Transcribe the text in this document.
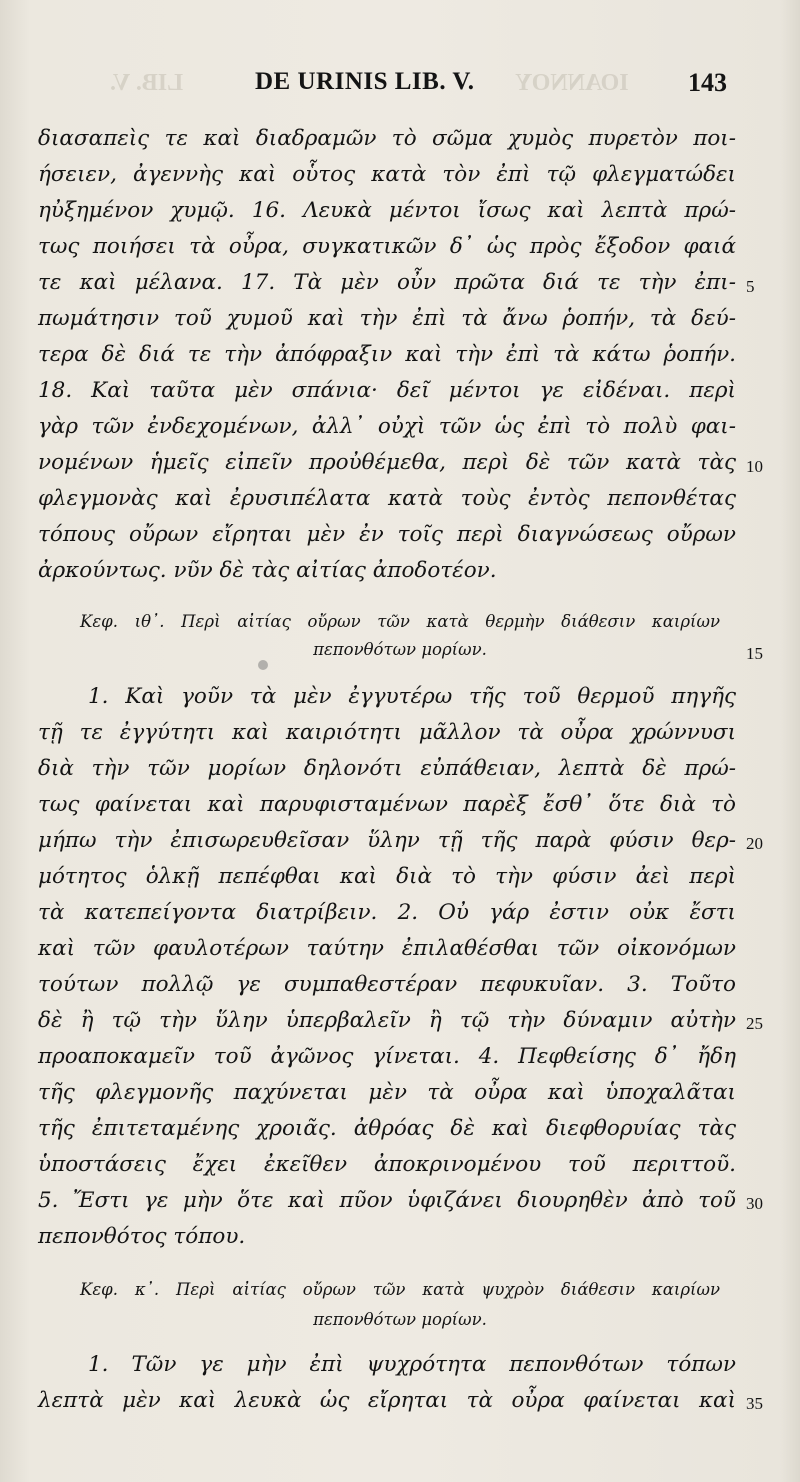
LIB. V.	ΙΟΑΝΝΟΥ
DE URINIS LIB. V.	143
διασαπεὶς τε καὶ διαδραμῶν τὸ σῶμα χυμὸς πυρετὸν ποι-
ήσειεν, ἀγεννὴς καὶ οὗτος κατὰ τὸν ἐπὶ τῷ φλεγματώδει
ηὐξημένον χυμῷ. 16. Λευκὰ μέντοι ἴσως καὶ λεπτὰ πρώ-
τως ποιήσει τὰ οὖρα, συγκατικῶν δ᾽ ὡς πρὸς ἔξοδον φαιά
τε καὶ μέλανα. 17. Τὰ μὲν οὖν πρῶτα διά τε τὴν ἐπι-
πωμάτησιν τοῦ χυμοῦ καὶ τὴν ἐπὶ τὰ ἄνω ῥοπήν, τὰ δεύ-
τερα δὲ διά τε τὴν ἀπόφραξιν καὶ τὴν ἐπὶ τὰ κάτω ῥοπήν.
18. Καὶ ταῦτα μὲν σπάνια· δεῖ μέντοι γε εἰδέναι. περὶ
γὰρ τῶν ἐνδεχομένων, ἀλλ᾽ οὐχὶ τῶν ὡς ἐπὶ τὸ πολὺ φαι-
νομένων ἡμεῖς εἰπεῖν προὐθέμεθα, περὶ δὲ τῶν κατὰ τὰς
φλεγμονὰς καὶ ἐρυσιπέλατα κατὰ τοὺς ἐντὸς πεπονθέτας
τόπους οὔρων εἴρηται μὲν ἐν τοῖς περὶ διαγνώσεως οὔρων
ἀρκούντως. νῦν δὲ τὰς αἰτίας ἀποδοτέον.
Κεφ. ιθ᾽. Περὶ αἰτίας οὔρων τῶν κατὰ θερμὴν διάθεσιν καιρίων
πεπονθότων μορίων.
1. Καὶ γοῦν τὰ μὲν ἐγγυτέρω τῆς τοῦ θερμοῦ πηγῆς
τῇ τε ἐγγύτητι καὶ καιριότητι μᾶλλον τὰ οὖρα χρώννυσι
διὰ τὴν τῶν μορίων δηλονότι εὐπάθειαν, λεπτὰ δὲ πρώ-
τως φαίνεται καὶ παρυφισταμένων παρὲξ ἔσθ᾽ ὅτε διὰ τὸ
μήπω τὴν ἐπισωρευθεῖσαν ὕλην τῇ τῆς παρὰ φύσιν θερ-
μότητος ὁλκῇ πεπέφθαι καὶ διὰ τὸ τὴν φύσιν ἀεὶ περὶ
τὰ κατεπείγοντα διατρίβειν. 2. Οὐ γάρ ἐστιν οὐκ ἔστι
καὶ τῶν φαυλοτέρων ταύτην ἐπιλαθέσθαι τῶν οἰκονόμων
τούτων πολλῷ γε συμπαθεστέραν πεφυκυῖαν. 3. Τοῦτο
δὲ ἢ τῷ τὴν ὕλην ὑπερβαλεῖν ἢ τῷ τὴν δύναμιν αὐτὴν
προαποκαμεῖν τοῦ ἀγῶνος γίνεται. 4. Πεφθείσης δ᾽ ἤδη
τῆς φλεγμονῆς παχύνεται μὲν τὰ οὖρα καὶ ὑποχαλᾶται
τῆς ἐπιτεταμένης χροιᾶς. ἀθρόας δὲ καὶ διεφθορυίας τὰς
ὑποστάσεις ἔχει ἐκεῖθεν ἀποκρινομένου τοῦ περιττοῦ.
5. Ἔστι γε μὴν ὅτε καὶ πῦον ὑφιζάνει διουρηθὲν ἀπὸ τοῦ
πεπονθότος τόπου.
Κεφ. κ᾽. Περὶ αἰτίας οὔρων τῶν κατὰ ψυχρὸν διάθεσιν καιρίων
πεπονθότων μορίων.
1. Τῶν γε μὴν ἐπὶ ψυχρότητα πεπονθότων τόπων
λεπτὰ μὲν καὶ λευκὰ ὡς εἴρηται τὰ οὖρα φαίνεται καὶ
5
10
15
20
25
30
35
